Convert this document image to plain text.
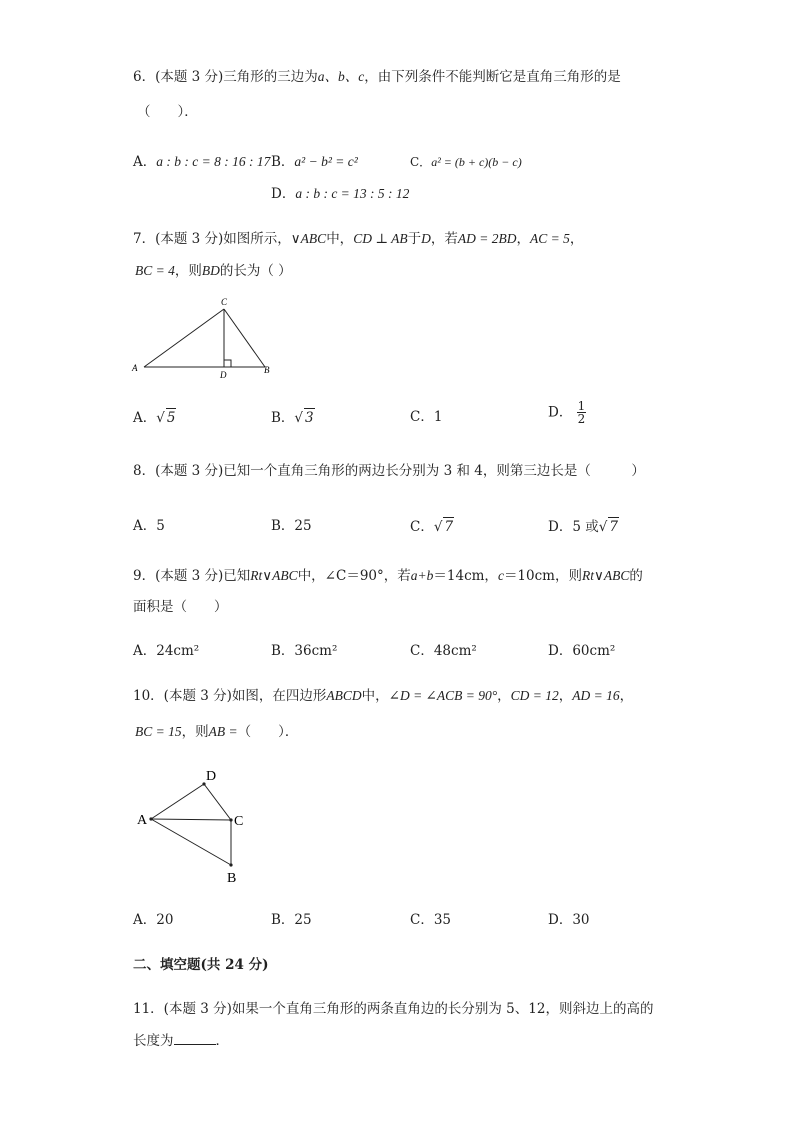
6．(本题 3 分)三角形的三边为a、b、c，由下列条件不能判断它是直角三角形的是
（　　）．
A．a : b : c = 8 : 16 : 17 B．a² − b² = c²	C．a² = (b + c)(b − c)
D．a : b : c = 13 : 5 : 12
7．(本题 3 分)如图所示，∨ABC中，CD ⊥ AB于D，若AD = 2BD，AC = 5，
BC = 4，则BD的长为（ ）
A	B
C
D
A．√ 5	B．√ 3	C．1	D． $\frac{1}{2}$
8．(本题 3 分)已知一个直角三角形的两边长分别为 3 和 4，则第三边长是（　　　）
A．5	B．25	C．√ 7	D．5 或√ 7
9．(本题 3 分)已知Rt∨ABC中，∠C＝90°，若a+b＝14cm，c＝10cm，则Rt∨ABC的
面积是（　　）
A．24cm²	B．36cm²	C．48cm²	D．60cm²
10．(本题 3 分)如图，在四边形ABCD中，∠D = ∠ACB = 90°，CD = 12，AD = 16，
BC = 15，则AB =（　　）．
A
D
C
B
A．20	B．25	C．35	D．30
二、填空题(共 24 分)
11．(本题 3 分)如果一个直角三角形的两条直角边的长分别为 5、12，则斜边上的高的
长度为	．
